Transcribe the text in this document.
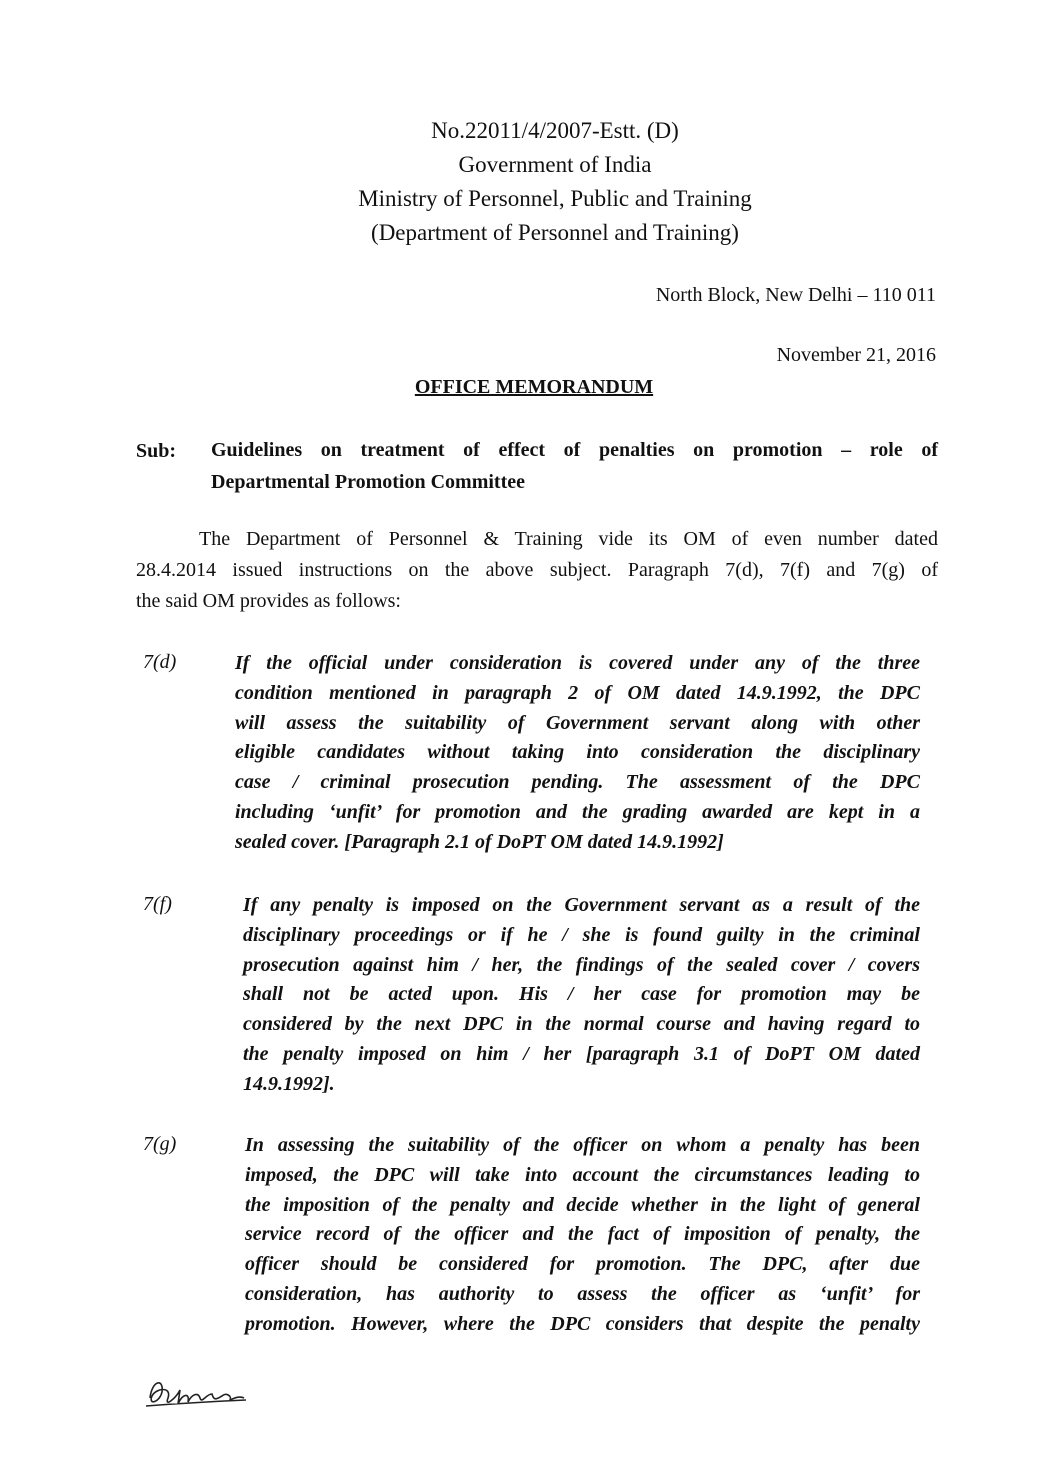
No.22011/4/2007-Estt. (D)
Government of India
Ministry of Personnel, Public and Training
(Department of Personnel and Training)
North Block, New Delhi – 110 011
November 21, 2016
OFFICE MEMORANDUM
Sub: Guidelines on treatment of effect of penalties on promotion – role of
Departmental Promotion Committee
The Department of Personnel & Training vide its OM of even number dated
28.4.2014 issued instructions on the above subject. Paragraph 7(d), 7(f) and 7(g) of
the said OM provides as follows:
7(d)	If the official under consideration is covered under any of the three
condition mentioned in paragraph 2 of OM dated 14.9.1992, the DPC
will assess the suitability of Government servant along with other
eligible candidates without taking into consideration the disciplinary
case / criminal prosecution pending. The assessment of the DPC
including ‘unfit’ for promotion and the grading awarded are kept in a
sealed cover. [Paragraph 2.1 of DoPT OM dated 14.9.1992]
7(f)	If any penalty is imposed on the Government servant as a result of the
disciplinary proceedings or if he / she is found guilty in the criminal
prosecution against him / her, the findings of the sealed cover / covers
shall not be acted upon. His / her case for promotion may be
considered by the next DPC in the normal course and having regard to
the penalty imposed on him / her [paragraph 3.1 of DoPT OM dated
14.9.1992].
7(g)	In assessing the suitability of the officer on whom a penalty has been
imposed, the DPC will take into account the circumstances leading to
the imposition of the penalty and decide whether in the light of general
service record of the officer and the fact of imposition of penalty, the
officer should be considered for promotion. The DPC, after due
consideration, has authority to assess the officer as ‘unfit’ for
promotion. However, where the DPC considers that despite the penalty
